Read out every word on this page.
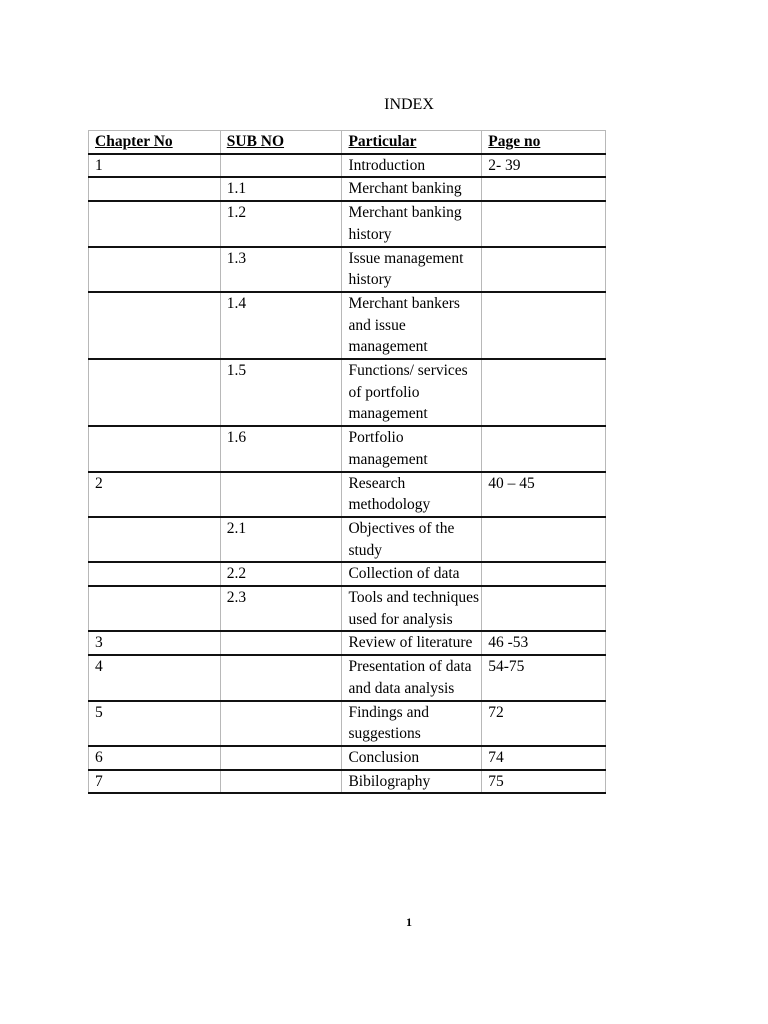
INDEX
Chapter No	SUB NO	Particular	Page no
1		Introduction	2- 39
	1.1	Merchant banking	
	1.2	Merchant banking history	
	1.3	Issue management history	
	1.4	Merchant bankers and issue management	
	1.5	Functions/ services of portfolio management	
	1.6	Portfolio management	
2		Research methodology	40 – 45
	2.1	Objectives of the study	
	2.2	Collection of data	
	2.3	Tools and techniques used for analysis	
3		Review of literature	46 -53
4		Presentation of data and data analysis	54-75
5		Findings and suggestions	72
6		Conclusion	74
7		Bibilography	75
1
